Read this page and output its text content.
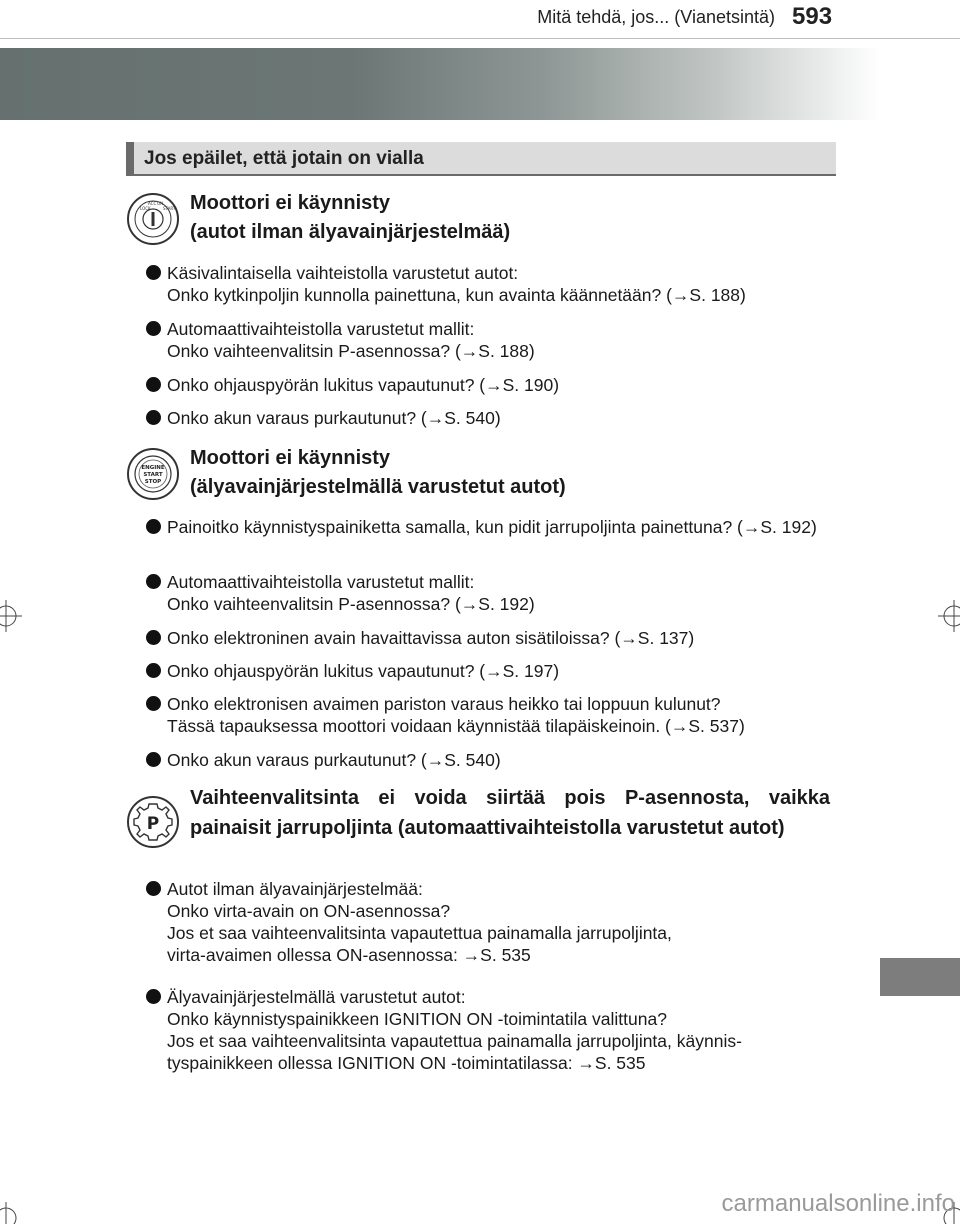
Mitä tehdä, jos... (Vianetsintä) 593
Jos epäilet, että jotain on vialla
LOCK
ACC ON
START Moottori ei käynnisty
(autot ilman älyavainjärjestelmää)
Käsivalintaisella vaihteistolla varustetut autot:
Onko kytkinpoljin kunnolla painettuna, kun avainta käännetään? (→S. 188)
Automaattivaihteistolla varustetut mallit:
Onko vaihteenvalitsin P-asennossa? (→S. 188)
Onko ohjauspyörän lukitus vapautunut? (→S. 190)
Onko akun varaus purkautunut? (→S. 540)
ENGINE
START
STOP
Moottori ei käynnisty
(älyavainjärjestelmällä varustetut autot)
Painoitko käynnistyspainiketta samalla, kun pidit jarrupoljinta painettuna? (→S. 192)
Automaattivaihteistolla varustetut mallit:
Onko vaihteenvalitsin P-asennossa? (→S. 192)
Onko elektroninen avain havaittavissa auton sisätiloissa? (→S. 137)
Onko ohjauspyörän lukitus vapautunut? (→S. 197)
Onko elektronisen avaimen pariston varaus heikko tai loppuun kulunut?
Tässä tapauksessa moottori voidaan käynnistää tilapäiskeinoin. (→S. 537)
Onko akun varaus purkautunut? (→S. 540)
P
Vaihteenvalitsinta ei voida siirtää pois P-asennosta, vaikka painaisit jarrupoljinta (automaattivaihteistolla varustetut autot)
Autot ilman älyavainjärjestelmää:
Onko virta-avain on ON-asennossa?
Jos et saa vaihteenvalitsinta vapautettua painamalla jarrupoljinta,
virta-avaimen ollessa ON-asennossa: →S. 535
Älyavainjärjestelmällä varustetut autot:
Onko käynnistyspainikkeen IGNITION ON -toimintatila valittuna?
Jos et saa vaihteenvalitsinta vapautettua painamalla jarrupoljinta, käynnis-
tyspainikkeen ollessa IGNITION ON -toimintatilassa: →S. 535
carmanualsonline.info
